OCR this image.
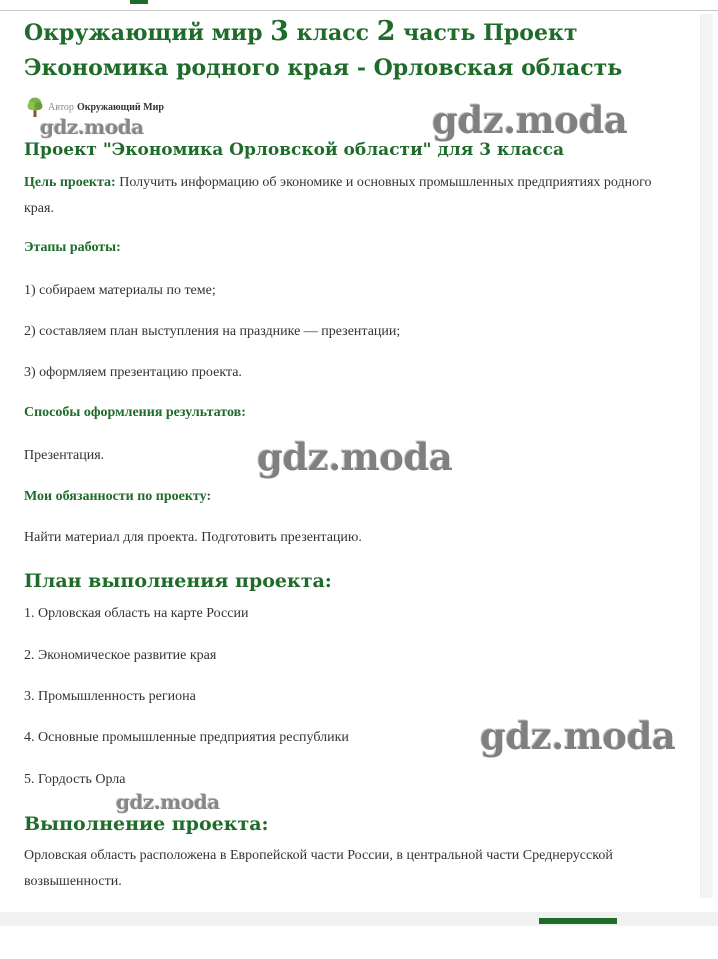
Окружающий мир 3 класс 2 часть Проект Экономика родного края - Орловская область
Автор Окружающий Мир
gdz.moda	gdz.moda
Проект "Экономика Орловской области" для 3 класса

Цель проекта: Получить информацию об экономике и основных промышленных предприятиях родного края.

Этапы работы:

1) собираем материалы по теме;

2) составляем план выступления на празднике — презентации;

3) оформляем презентацию проекта.

Способы оформления результатов:

Презентация.	gdz.moda

Мои обязанности по проекту:

Найти материал для проекта. Подготовить презентацию.

План выполнения проекта:

1. Орловская область на карте России

2. Экономическое развитие края

3. Промышленность региона

4. Основные промышленные предприятия республики

5. Гордость Орла

gdz.moda
gdz.moda
Выполнение проекта:

Орловская область расположена в Европейской части России, в центральной части Среднерусской возвышенности.
